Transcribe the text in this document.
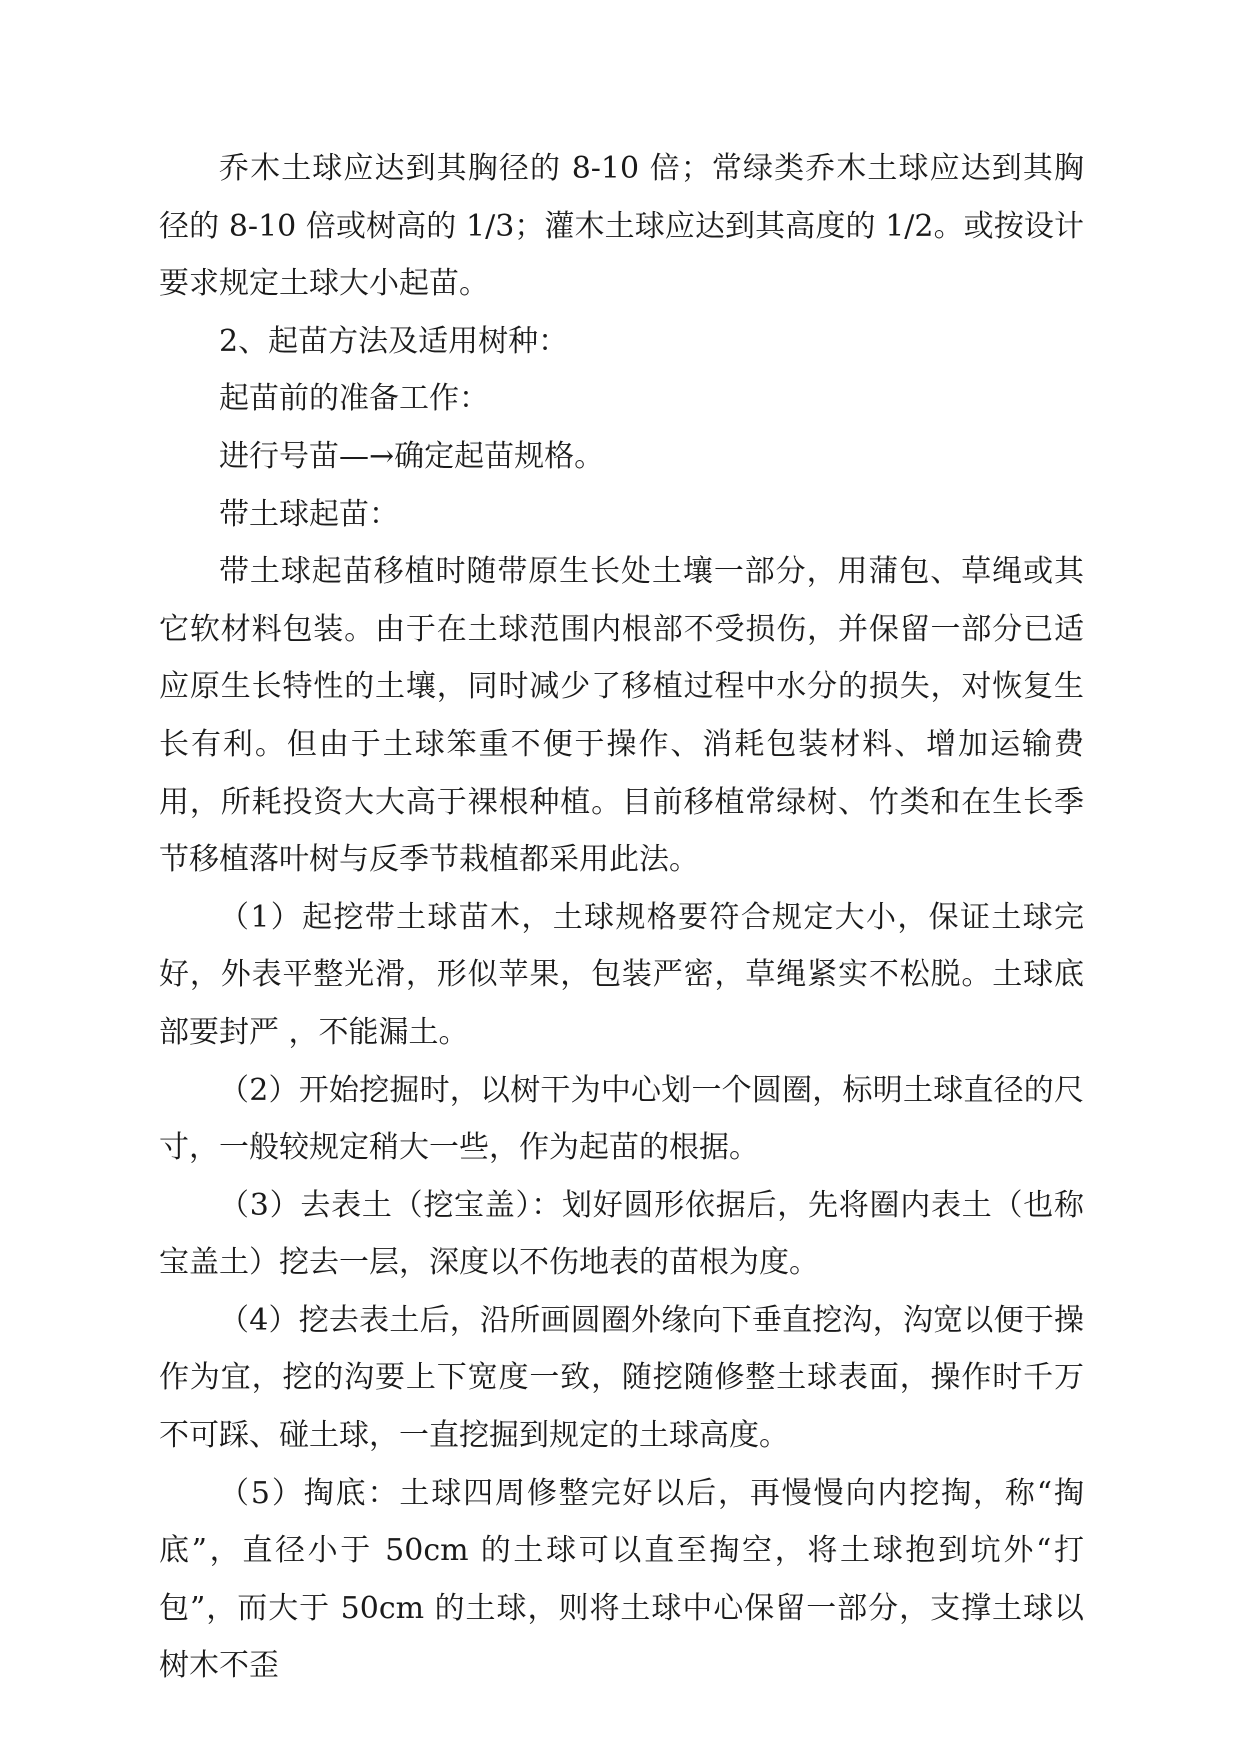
乔木土球应达到其胸径的 8-10 倍；常绿类乔木土球应达到其胸径的 8-10 倍或树高的 1/3；灌木土球应达到其高度的 1/2。或按设计要求规定土球大小起苗。

2、起苗方法及适用树种：

起苗前的准备工作：

进行号苗—→确定起苗规格。

带土球起苗：

带土球起苗移植时随带原生长处土壤一部分，用蒲包、草绳或其它软材料包装。由于在土球范围内根部不受损伤，并保留一部分已适应原生长特性的土壤，同时减少了移植过程中水分的损失，对恢复生长有利。但由于土球笨重不便于操作、消耗包装材料、增加运输费用，所耗投资大大高于裸根种植。目前移植常绿树、竹类和在生长季节移植落叶树与反季节栽植都采用此法。

（1）起挖带土球苗木，土球规格要符合规定大小，保证土球完好，外表平整光滑，形似苹果，包装严密，草绳紧实不松脱。土球底部要封严 ，不能漏土。

（2）开始挖掘时，以树干为中心划一个圆圈，标明土球直径的尺寸，一般较规定稍大一些，作为起苗的根据。

（3）去表土（挖宝盖）：划好圆形依据后，先将圈内表土（也称宝盖土）挖去一层，深度以不伤地表的苗根为度。

（4）挖去表土后，沿所画圆圈外缘向下垂直挖沟，沟宽以便于操作为宜，挖的沟要上下宽度一致，随挖随修整土球表面，操作时千万不可踩、碰土球，一直挖掘到规定的土球高度。

（5）掏底：土球四周修整完好以后，再慢慢向内挖掏，称“掏底”，直径小于 50cm 的土球可以直至掏空，将土球抱到坑外“打包”，而大于 50cm 的土球，则将土球中心保留一部分，支撑土球以树木不歪
